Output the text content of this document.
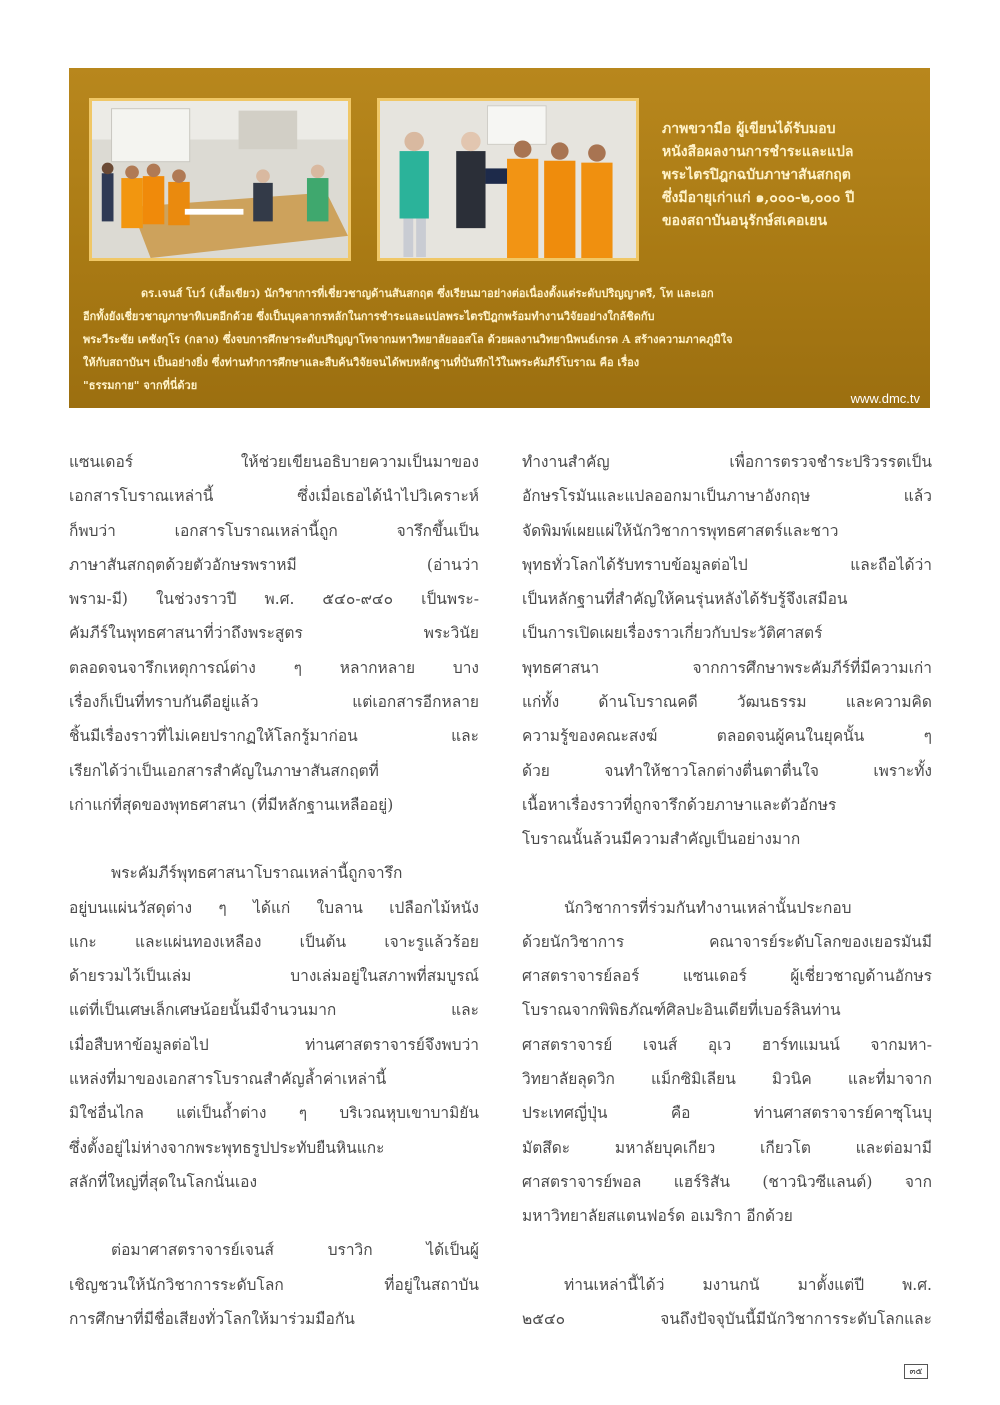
ภาพขวามือ ผู้เขียนได้รับมอบ
หนังสือผลงานการชำระและแปล
พระไตรปิฎกฉบับภาษาสันสกฤต
ซึ่งมีอายุเก่าแก่ ๑,๐๐๐-๒,๐๐๐ ปี
ของสถาบันอนุรักษ์สเคอเยน
ดร.เจนส์ โบว์ (เสื้อเขียว) นักวิชาการที่เชี่ยวชาญด้านสันสกฤต ซึ่งเรียนมาอย่างต่อเนื่องตั้งแต่ระดับปริญญาตรี, โท และเอก
อีกทั้งยังเชี่ยวชาญภาษาทิเบตอีกด้วย ซึ่งเป็นบุคลากรหลักในการชำระและแปลพระไตรปิฎกพร้อมทำงานวิจัยอย่างใกล้ชิดกับ
พระวีระชัย เตชังกุโร (กลาง) ซึ่งจบการศึกษาระดับปริญญาโทจากมหาวิทยาลัยออสโล ด้วยผลงานวิทยานิพนธ์เกรด A สร้างความภาคภูมิใจ
ให้กับสถาบันฯ เป็นอย่างยิ่ง ซึ่งท่านทำการศึกษาและสืบค้นวิจัยจนได้พบหลักฐานที่บันทึกไว้ในพระคัมภีร์โบราณ คือ เรื่อง
"ธรรมกาย" จากที่นี่ด้วย
www.dmc.tv
แซนเดอร์	ให้ช่วยเขียนอธิบายความเป็นมาของ
เอกสารโบราณเหล่านี้	ซึ่งเมื่อเธอได้นำไปวิเคราะห์
ก็พบว่า	เอกสารโบราณเหล่านี้ถูก	จารึกขึ้นเป็น
ภาษาสันสกฤตด้วยตัวอักษรพราหมี	(อ่านว่า
พราม-มี) ในช่วงราวปี พ.ศ. ๕๔๐-๙๔๐ เป็นพระ-
คัมภีร์ในพุทธศาสนาที่ว่าถึงพระสูตร	พระวินัย
ตลอดจนจารึกเหตุการณ์ต่าง ๆ หลากหลาย บาง
เรื่องก็เป็นที่ทราบกันดีอยู่แล้ว	แต่เอกสารอีกหลาย
ชิ้นมีเรื่องราวที่ไม่เคยปรากฏให้โลกรู้มาก่อน	และ
เรียกได้ว่าเป็นเอกสารสำคัญในภาษาสันสกฤตที่
เก่าแก่ที่สุดของพุทธศาสนา (ที่มีหลักฐานเหลืออยู่)
พระคัมภีร์พุทธศาสนาโบราณเหล่านี้ถูกจารึก
อยู่บนแผ่นวัสดุต่าง ๆ ได้แก่ ใบลาน เปลือกไม้หนัง
แกะ และแผ่นทองเหลือง เป็นต้น เจาะรูแล้วร้อย
ด้ายรวมไว้เป็นเล่ม	บางเล่มอยู่ในสภาพที่สมบูรณ์
แต่ที่เป็นเศษเล็กเศษน้อยนั้นมีจำนวนมาก	และ
เมื่อสืบหาข้อมูลต่อไป	ท่านศาสตราจารย์จึงพบว่า
แหล่งที่มาของเอกสารโบราณสำคัญล้ำค่าเหล่านี้
มิใช่อื่นไกล แต่เป็นถ้ำต่าง ๆ บริเวณหุบเขาบามิยัน
ซึ่งตั้งอยู่ไม่ห่างจากพระพุทธรูปประทับยืนหินแกะ
สลักที่ใหญ่ที่สุดในโลกนั่นเอง
ต่อมาศาสตราจารย์เจนส์	บราวิก	ได้เป็นผู้
เชิญชวนให้นักวิชาการระดับโลก	ที่อยู่ในสถาบัน
การศึกษาที่มีชื่อเสียงทั่วโลกให้มาร่วมมือกัน
ทำงานสำคัญ	เพื่อการตรวจชำระปริวรรตเป็น
อักษรโรมันและแปลออกมาเป็นภาษาอังกฤษ	แล้ว
จัดพิมพ์เผยแผ่ให้นักวิชาการพุทธศาสตร์และชาว
พุทธทั่วโลกได้รับทราบข้อมูลต่อไป	และถือได้ว่า
เป็นหลักฐานที่สำคัญให้คนรุ่นหลังได้รับรู้จึงเสมือน
เป็นการเปิดเผยเรื่องราวเกี่ยวกับประวัติศาสตร์
พุทธศาสนา	จากการศึกษาพระคัมภีร์ที่มีความเก่า
แก่ทั้ง	ด้านโบราณคดี	วัฒนธรรม	และความคิด
ความรู้ของคณะสงฆ์	ตลอดจนผู้คนในยุคนั้น	ๆ
ด้วย	จนทำให้ชาวโลกต่างตื่นตาตื่นใจ	เพราะทั้ง
เนื้อหาเรื่องราวที่ถูกจารึกด้วยภาษาและตัวอักษร
โบราณนั้นล้วนมีความสำคัญเป็นอย่างมาก
นักวิชาการที่ร่วมกันทำงานเหล่านั้นประกอบ
ด้วยนักวิชาการ	คณาจารย์ระดับโลกของเยอรมันมี
ศาสตราจารย์ลอร์	แซนเดอร์	ผู้เชี่ยวชาญด้านอักษร
โบราณจากพิพิธภัณฑ์ศิลปะอินเดียที่เบอร์ลินท่าน
ศาสตราจารย์ เจนส์ อุเว ฮาร์ทแมนน์ จากมหา-
วิทยาลัยลุดวิก แม็กซิมิเลียน มิวนิค และที่มาจาก
ประเทศญี่ปุ่น	คือ	ท่านศาสตราจารย์คาซุโนบุ
มัตสึดะ	มหาลัยบุคเกียว	เกียวโต	และต่อมามี
ศาสตราจารย์พอล แฮร์ริสัน (ชาวนิวซีแลนด์) จาก
มหาวิทยาลัยสแตนฟอร์ด อเมริกา อีกด้วย
ท่านเหล่านี้ได้ว่ มงานกนั มาตั้งแต่ปี พ.ศ.
๒๕๔๐	จนถึงปัจจุบันนี้มีนักวิชาการระดับโลกและ
๓๕
